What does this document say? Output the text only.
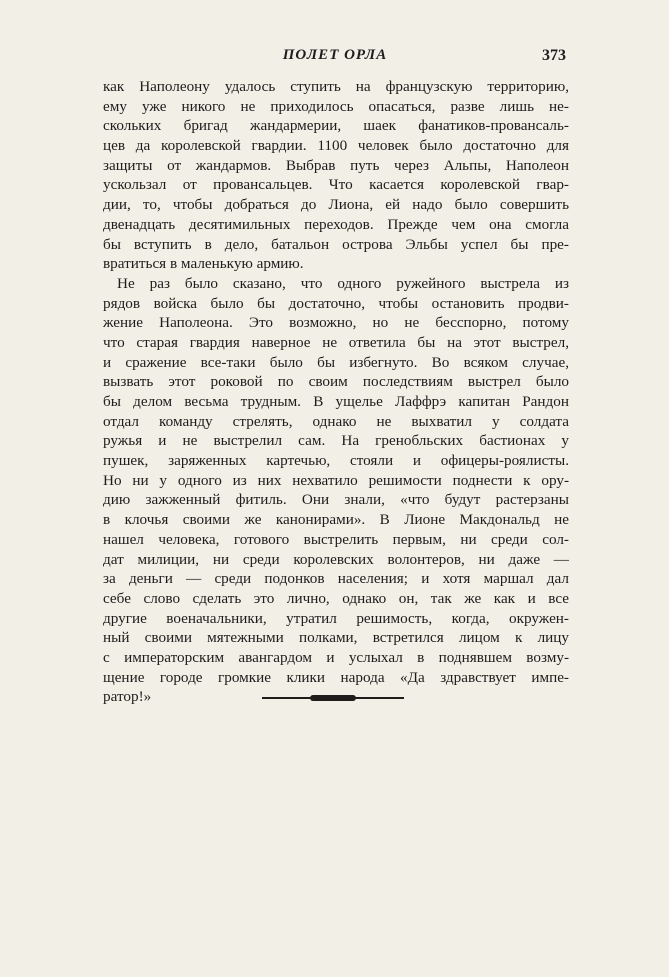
ПОЛЕТ ОРЛА	373
как Наполеону удалось ступить на французскую территорию,
ему уже никого не приходилось опасаться, разве лишь не-
скольких бригад жандармерии, шаек фанатиков-провансаль-
цев да королевской гвардии. 1100 человек было достаточно для
защиты от жандармов. Выбрав путь через Альпы, Наполеон
ускользал от провансальцев. Что касается королевской гвар-
дии, то, чтобы добраться до Лиона, ей надо было совершить
двенадцать десятимильных переходов. Прежде чем она смогла
бы вступить в дело, батальон острова Эльбы успел бы пре-
вратиться в маленькую армию.
Не раз было сказано, что одного ружейного выстрела из
рядов войска было бы достаточно, чтобы остановить продви-
жение Наполеона. Это возможно, но не бесспорно, потому
что старая гвардия наверное не ответила бы на этот выстрел,
и сражение все-таки было бы избегнуто. Во всяком случае,
вызвать этот роковой по своим последствиям выстрел было
бы делом весьма трудным. В ущелье Лаффрэ капитан Рандон
отдал команду стрелять, однако не выхватил у солдата
ружья и не выстрелил сам. На гренобльских бастионах у
пушек, заряженных картечью, стояли и офицеры-роялисты.
Но ни у одного из них нехватило решимости поднести к ору-
дию зажженный фитиль. Они знали, «что будут растерзаны
в клочья своими же канонирами». В Лионе Макдональд не
нашел человека, готового выстрелить первым, ни среди сол-
дат милиции, ни среди королевских волонтеров, ни даже —
за деньги — среди подонков населения; и хотя маршал дал
себе слово сделать это лично, однако он, так же как и все
другие военачальники, утратил решимость, когда, окружен-
ный своими мятежными полками, встретился лицом к лицу
с императорским авангардом и услыхал в поднявшем возму-
щение городе громкие клики народа «Да здравствует импе-
ратор!»
